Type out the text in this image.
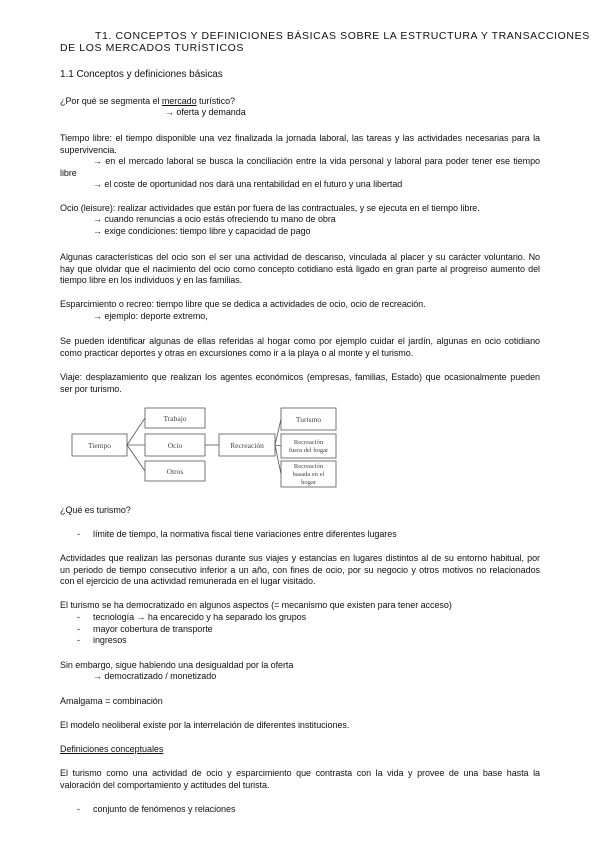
T1. CONCEPTOS Y DEFINICIONES BÁSICAS SOBRE LA ESTRUCTURA Y TRANSACCIONES
DE LOS MERCADOS TURÍSTICOS
1.1 Conceptos y definiciones básicas
¿Por qué se segmenta el mercado turístico?
→ oferta y demanda
Tiempo libre: el tiempo disponible una vez finalizada la jornada laboral, las tareas y las actividades necesarias para la
supervivencia.
→ en el mercado laboral se busca la conciliación entre la vida personal y laboral para poder tener ese tiempo
libre
→ el coste de oportunidad nos dará una rentabilidad en el futuro y una libertad
Ocio (leisure): realizar actividades que están por fuera de las contractuales, y se ejecuta en el tiempo libre.
→ cuando renuncias a ocio estás ofreciendo tu mano de obra
→ exige condiciones: tiempo libre y capacidad de pago
Algunas características del ocio son el ser una actividad de descanso, vinculada al placer y su carácter voluntario. No
hay que olvidar que el nacimiento del ocio como concepto cotidiano está ligado en gran parte al progreiso aumento del
tiempo libre en los individuos y en las familias.
Esparcimiento o recreo: tiempo libre que se dedica a actividades de ocio, ocio de recreación.
→ ejemplo: deporte extremo,
Se pueden identificar algunas de ellas referidas al hogar como por ejemplo cuidar el jardín, algunas en ocio cotidiano
como practicar deportes y otras en excursiones como ir a la playa o al monte y el turismo.
Viaje: desplazamiento que realizan los agentes económicos (empresas, familias, Estado) que ocasionalmente pueden
ser por turismo.
Tiempo
Trabajo
Ocio
Otros
Recreación
Turismo
Recreación
fuera del hogar
Recreación
basada en el
hogar
¿Qué es turismo?
- límite de tiempo, la normativa fiscal tiene variaciones entre diferentes lugares
Actividades que realizan las personas durante sus viajes y estancias en lugares distintos al de su entorno habitual, por
un periodo de tiempo consecutivo inferior a un año, con fines de ocio, por su negocio y otros motivos no relacionados
con el ejercicio de una actividad remunerada en el lugar visitado.
El turismo se ha democratizado en algunos aspectos (= mecanismo que existen para tener acceso)
- tecnología → ha encarecido y ha separado los grupos
- mayor cobertura de transporte
- ingresos
Sin embargo, sigue habiendo una desigualdad por la oferta
→ democratizado / monetizado
Amalgama = combinación
El modelo neoliberal existe por la interrelación de diferentes instituciones.
Definiciones conceptuales
El turismo como una actividad de ocio y esparcimiento que contrasta con la vida y provee de una base hasta la
valoración del comportamiento y actitudes del turista.
- conjunto de fenómenos y relaciones
